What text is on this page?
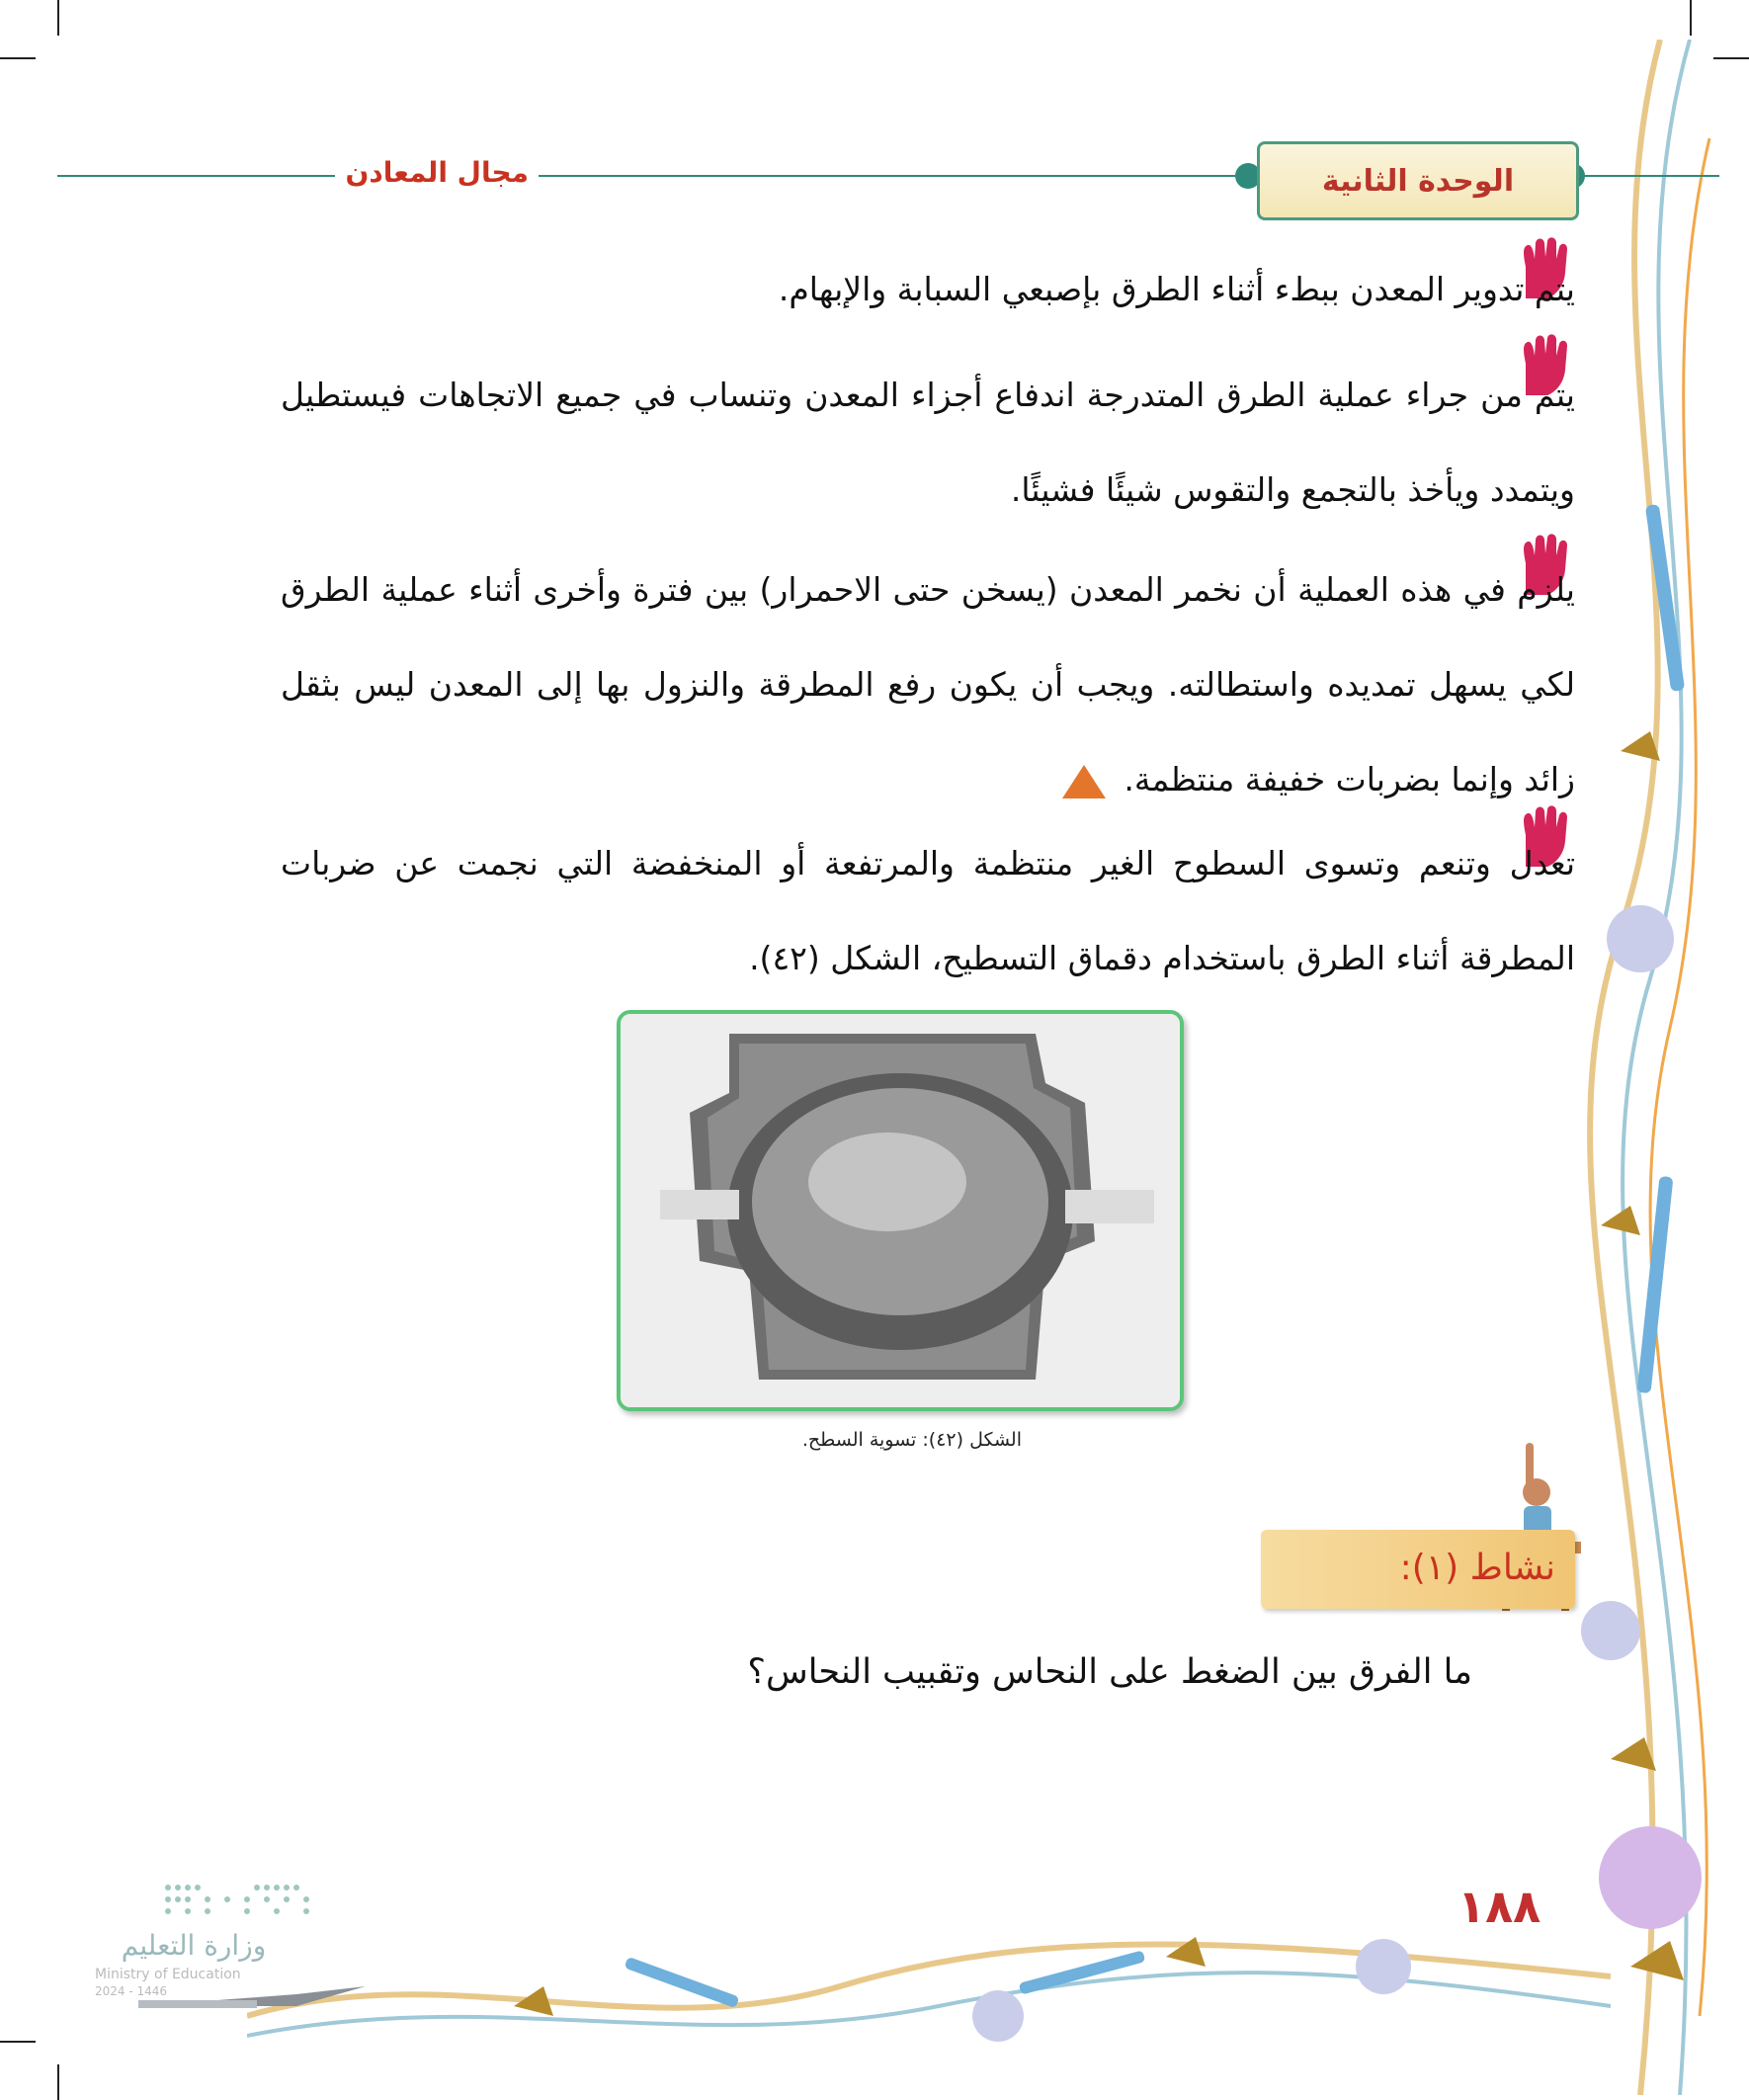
مجال المعادن	الوحدة الثانية
يتم تدوير المعدن ببطء أثناء الطرق بإصبعي السبابة والإبهام.
يتم من جراء عملية الطرق المتدرجة اندفاع أجزاء المعدن وتنساب في جميع الاتجاهات فيستطيل ويتمدد ويأخذ بالتجمع والتقوس شيئًا فشيئًا.
يلزم في هذه العملية أن نخمر المعدن (يسخن حتى الاحمرار) بين فترة وأخرى أثناء عملية الطرق لكي يسهل تمديده واستطالته. ويجب أن يكون رفع المطرقة والنزول بها إلى المعدن ليس بثقل زائد وإنما بضربات خفيفة منتظمة.
تعدل وتنعم وتسوى السطوح الغير منتظمة والمرتفعة أو المنخفضة التي نجمت عن ضربات المطرقة أثناء الطرق باستخدام دقماق التسطيح، الشكل (٤٢).
الشكل (٤٢): تسوية السطح.
نشاط (١):
ما الفرق بين الضغط على النحاس وتقبيب النحاس؟
١٨٨
وزارة التعليم
Ministry of Education
2024 - 1446
